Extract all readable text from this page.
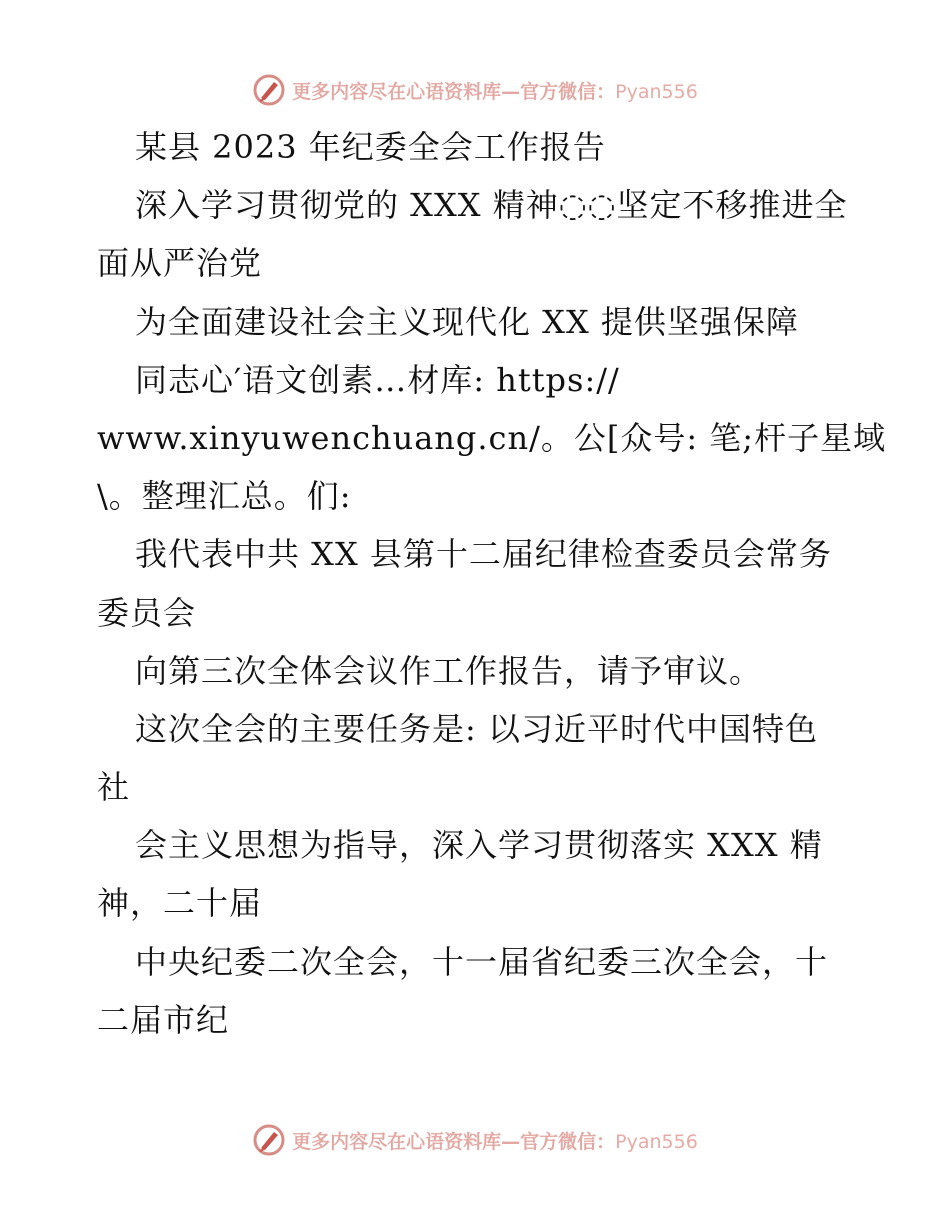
更多内容尽在心语资料库—官方微信：Pyan556
某县 2023 年纪委全会工作报告
深入学习贯彻党的 XXX 精神◌◌坚定不移推进全
面从严治党
为全面建设社会主义现代化 XX 提供坚强保障
同志心′语文创素…材库: https://
www.xinyuwenchuang.cn/。公[众号: 笔;杆子星域
\。整理汇总。们:
我代表中共 XX 县第十二届纪律检查委员会常务
委员会
向第三次全体会议作工作报告，请予审议。
这次全会的主要任务是: 以习近平时代中国特色
社
会主义思想为指导，深入学习贯彻落实 XXX 精
神，二十届
中央纪委二次全会，十一届省纪委三次全会，十
二届市纪
更多内容尽在心语资料库—官方微信：Pyan556
